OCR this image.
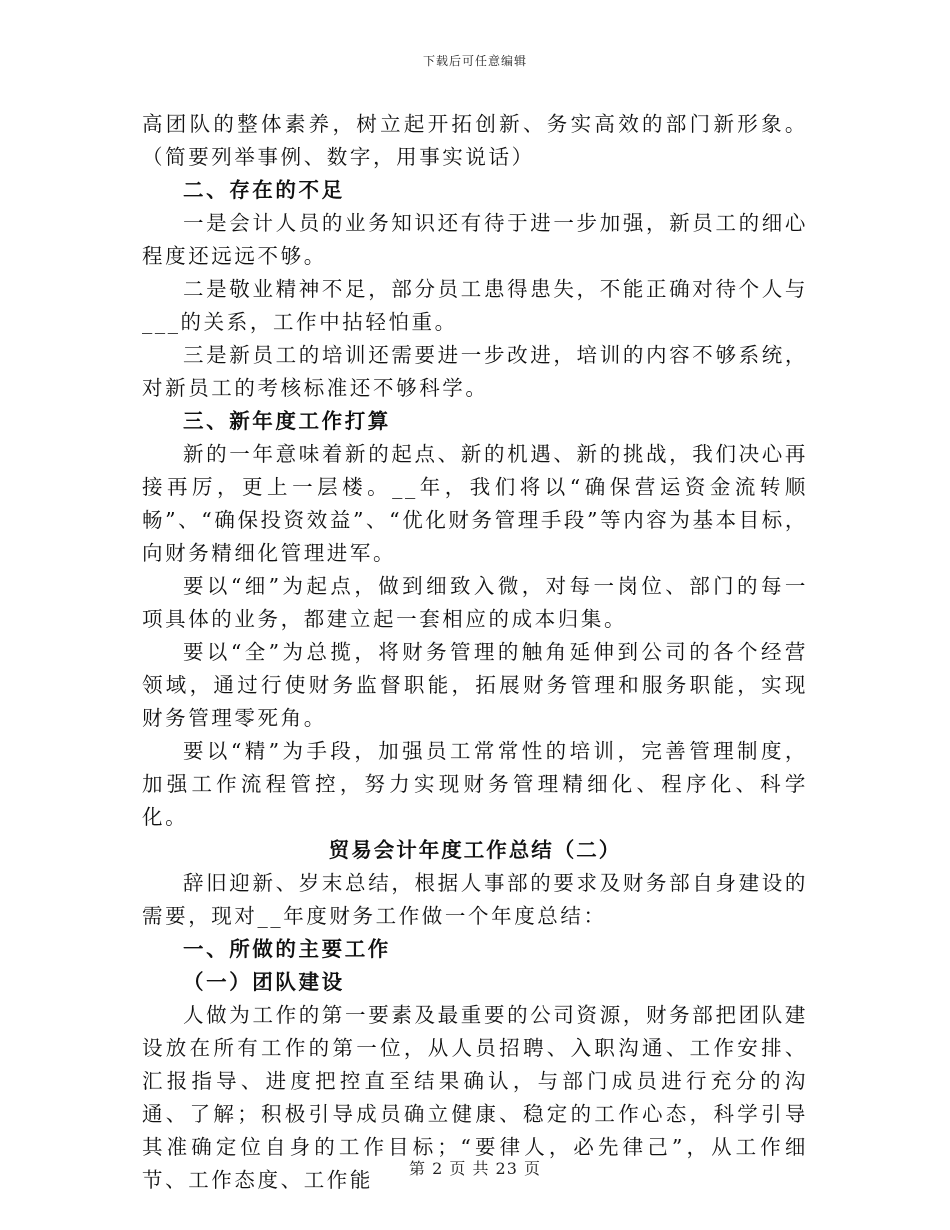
下载后可任意编辑

高团队的整体素养，树立起开拓创新、务实高效的部门新形象。（简要列举事例、数字，用事实说话）

二、存在的不足

一是会计人员的业务知识还有待于进一步加强，新员工的细心程度还远远不够。

二是敬业精神不足，部分员工患得患失，不能正确对待个人与___的关系，工作中拈轻怕重。

三是新员工的培训还需要进一步改进，培训的内容不够系统，对新员工的考核标准还不够科学。

三、新年度工作打算

新的一年意味着新的起点、新的机遇、新的挑战，我们决心再接再厉，更上一层楼。__年，我们将以“确保营运资金流转顺畅”、“确保投资效益”、“优化财务管理手段”等内容为基本目标，向财务精细化管理进军。

要以“细”为起点，做到细致入微，对每一岗位、部门的每一项具体的业务，都建立起一套相应的成本归集。

要以“全”为总揽，将财务管理的触角延伸到公司的各个经营领域，通过行使财务监督职能，拓展财务管理和服务职能，实现财务管理零死角。

要以“精”为手段，加强员工常常性的培训，完善管理制度，加强工作流程管控，努力实现财务管理精细化、程序化、科学化。

贸易会计年度工作总结（二）

辞旧迎新、岁末总结，根据人事部的要求及财务部自身建设的需要，现对__年度财务工作做一个年度总结：

一、所做的主要工作

（一）团队建设

人做为工作的第一要素及最重要的公司资源，财务部把团队建设放在所有工作的第一位，从人员招聘、入职沟通、工作安排、汇报指导、进度把控直至结果确认，与部门成员进行充分的沟通、了解；积极引导成员确立健康、稳定的工作心态，科学引导其准确定位自身的工作目标；“要律人，必先律己”，从工作细节、工作态度、工作能	第 2 页 共 23 页
